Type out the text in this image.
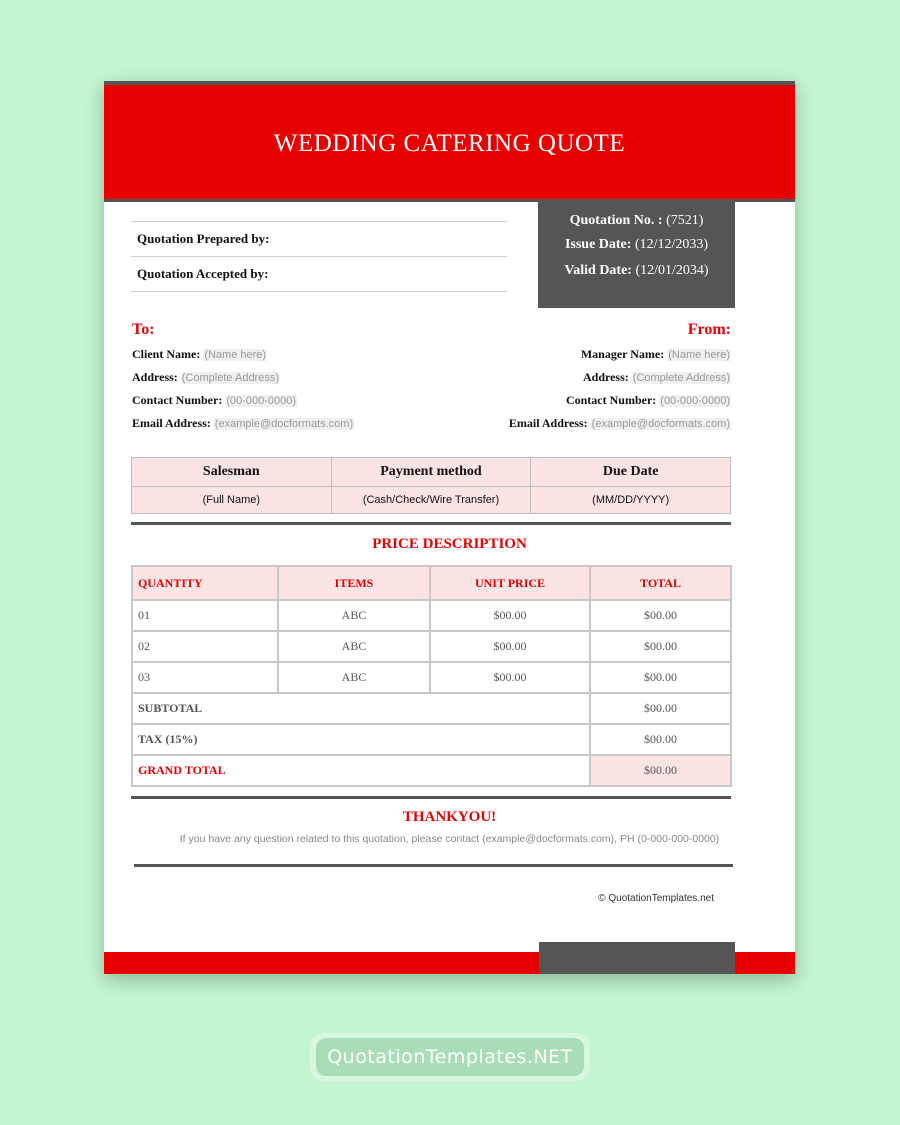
WEDDING CATERING QUOTE
Quotation Prepared by:
Quotation Accepted by:
Quotation No. : (7521)
Issue Date: (12/12/2033)
Valid Date: (12/01/2034)
To:
Client Name: (Name here)
Address: (Complete Address)
Contact Number: (00-000-0000)
Email Address: (example@docformats.com)
From:
Manager Name: (Name here)
Address: (Complete Address)
Contact Number: (00-000-0000)
Email Address: (example@docformats.com)
Salesman	Payment method	Due Date
(Full Name)	(Cash/Check/Wire Transfer)	(MM/DD/YYYY)
PRICE DESCRIPTION
QUANTITY	ITEMS	UNIT PRICE	TOTAL
01	ABC	$00.00	$00.00
02	ABC	$00.00	$00.00
03	ABC	$00.00	$00.00
SUBTOTAL			$00.00
TAX (15%)			$00.00
GRAND TOTAL			$00.00
THANKYOU!
If you have any question related to this quotation, please contact (example@docformats.com), PH (0-000-000-0000)
© QuotationTemplates.net
QuotationTemplates.NET
